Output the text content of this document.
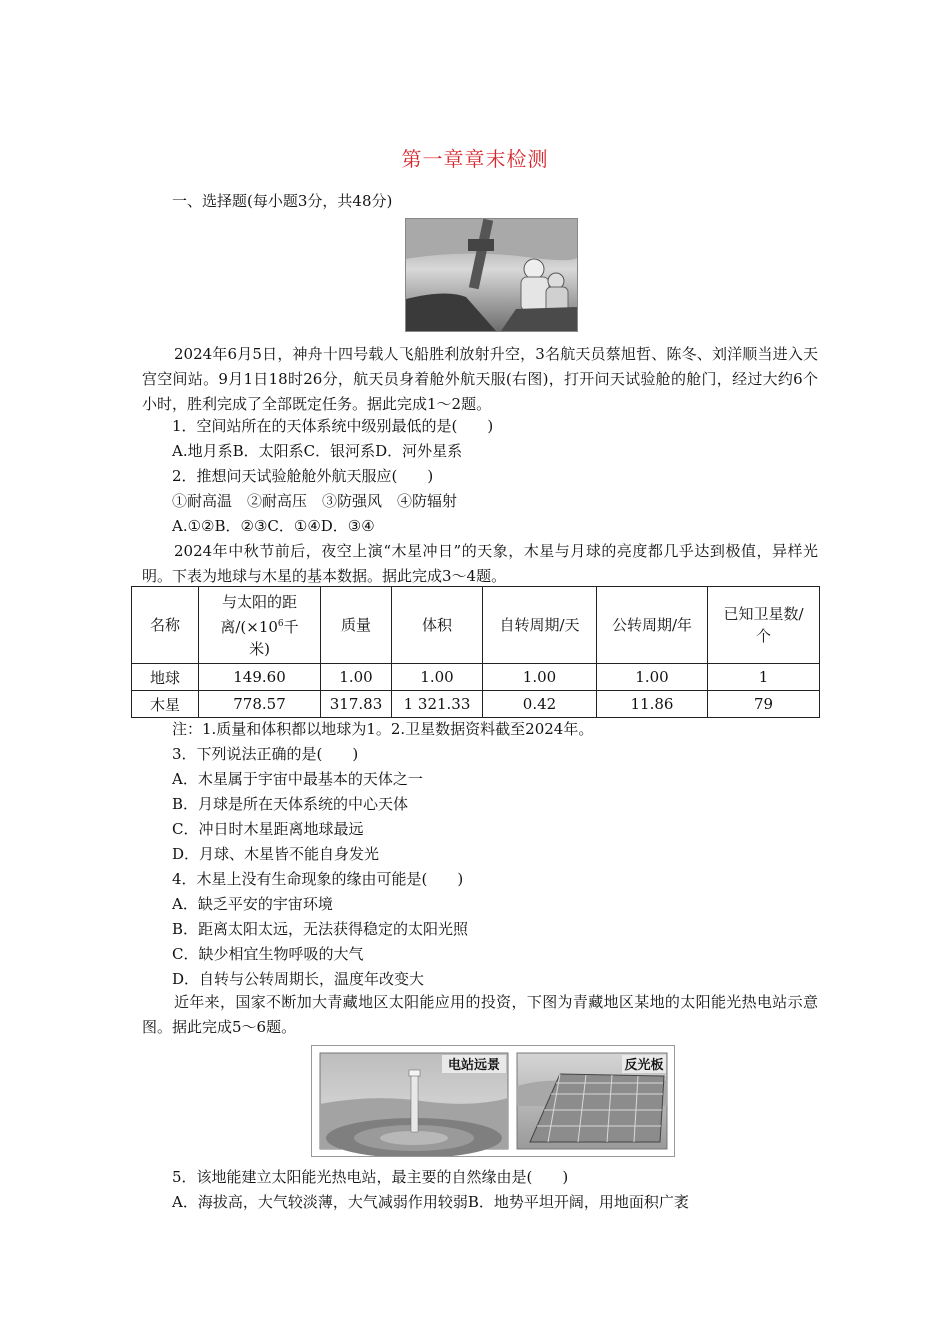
第一章章末检测
一、选择题(每小题3分，共48分)
2024年6月5日，神舟十四号载人飞船胜利放射升空，3名航天员蔡旭哲、陈冬、刘洋顺当进入天宫空间站。9月1日18时26分，航天员身着舱外航天服(右图)，打开问天试验舱的舱门，经过大约6个小时，胜利完成了全部既定任务。据此完成1～2题。
1．空间站所在的天体系统中级别最低的是(　　)
A.地月系B．太阳系C．银河系D．河外星系
2．推想问天试验舱舱外航天服应(　　)
①耐高温　②耐高压　③防强风　④防辐射
A.①②B．②③C．①④D．③④
2024年中秋节前后，夜空上演“木星冲日”的天象，木星与月球的亮度都几乎达到极值，异样光明。下表为地球与木星的基本数据。据此完成3～4题。
名称	与太阳的距
离$/(\times 10^6$千
米)	质量	体积	自转周期/天	公转周期/年	已知卫星数/
个
地球	149.60	1.00	1.00	1.00	1.00	1
木星	778.57	317.83	1 321.33	0.42	11.86	79
注：1.质量和体积都以地球为1。2.卫星数据资料截至2024年。
3．下列说法正确的是(　　)
A．木星属于宇宙中最基本的天体之一
B．月球是所在天体系统的中心天体
C．冲日时木星距离地球最远
D．月球、木星皆不能自身发光
4．木星上没有生命现象的缘由可能是(　　)
A．缺乏平安的宇宙环境
B．距离太阳太远，无法获得稳定的太阳光照
C．缺少相宜生物呼吸的大气
D．自转与公转周期长，温度年改变大
近年来，国家不断加大青藏地区太阳能应用的投资，下图为青藏地区某地的太阳能光热电站示意图。据此完成5～6题。
电站远景	反光板
5．该地能建立太阳能光热电站，最主要的自然缘由是(　　)
A．海拔高，大气较淡薄，大气减弱作用较弱B．地势平坦开阔，用地面积广袤
